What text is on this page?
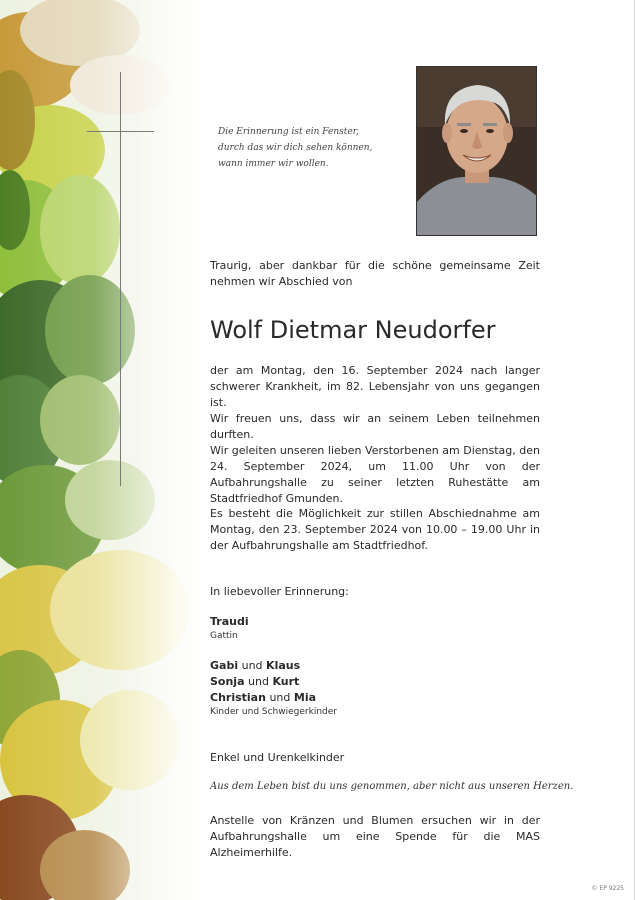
Die Erinnerung ist ein Fenster,
durch das wir dich sehen können,
wann immer wir wollen.

Traurig, aber dankbar für die schöne gemeinsame Zeit nehmen wir Abschied von

Wolf Dietmar Neudorfer

der am Montag, den 16. September 2024 nach langer schwerer Krankheit, im 82. Lebensjahr von uns gegangen ist.

Wir freuen uns, dass wir an seinem Leben teilnehmen durften.

Wir geleiten unseren lieben Verstorbenen am Dienstag, den 24. September 2024, um 11.00 Uhr von der Aufbahrungshalle zu seiner letzten Ruhestätte am Stadtfriedhof Gmunden.

Es besteht die Möglichkeit zur stillen Abschiednahme am Montag, den 23. September 2024 von 10.00 – 19.00 Uhr in der Aufbahrungshalle am Stadtfriedhof.

In liebevoller Erinnerung:

Traudi

Gattin

Gabi und Klaus

Sonja und Kurt

Christian und Mia

Kinder und Schwiegerkinder

Enkel und Urenkelkinder

Aus dem Leben bist du uns genommen, aber nicht aus unseren Herzen.

Anstelle von Kränzen und Blumen ersuchen wir in der Aufbahrungshalle um eine Spende für die MAS Alzheimerhilfe.

© EP 9225
